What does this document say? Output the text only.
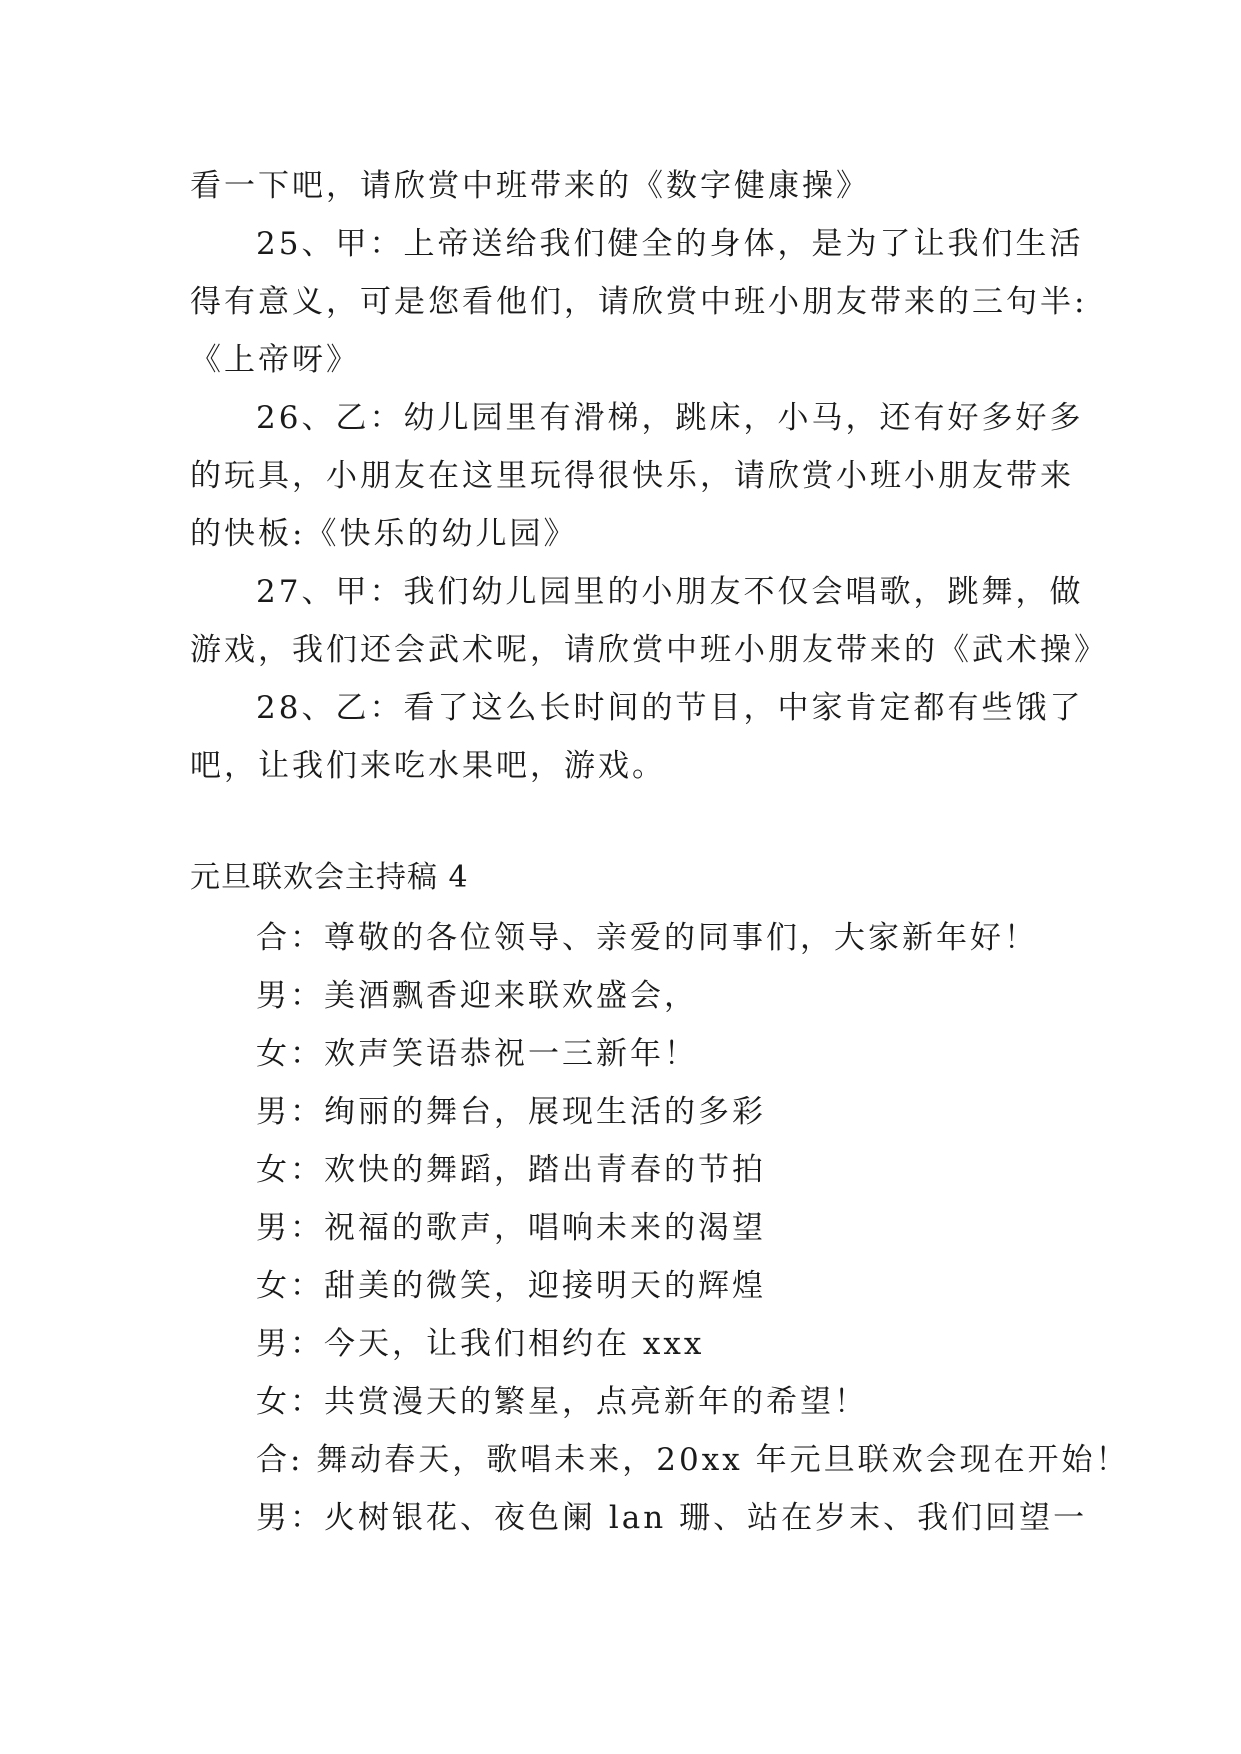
看一下吧，请欣赏中班带来的《数字健康操》
25、甲：上帝送给我们健全的身体，是为了让我们生活
得有意义，可是您看他们，请欣赏中班小朋友带来的三句半:
《上帝呀》
26、乙：幼儿园里有滑梯，跳床，小马，还有好多好多
的玩具，小朋友在这里玩得很快乐，请欣赏小班小朋友带来
的快板:《快乐的幼儿园》
27、甲：我们幼儿园里的小朋友不仅会唱歌，跳舞，做
游戏，我们还会武术呢，请欣赏中班小朋友带来的《武术操》
28、乙：看了这么长时间的节目，中家肯定都有些饿了
吧，让我们来吃水果吧，游戏。
元旦联欢会主持稿 4
合：尊敬的各位领导、亲爱的同事们，大家新年好！
男：美酒飘香迎来联欢盛会，
女：欢声笑语恭祝一三新年！
男：绚丽的舞台，展现生活的多彩
女：欢快的舞蹈，踏出青春的节拍
男：祝福的歌声，唱响未来的渴望
女：甜美的微笑，迎接明天的辉煌
男：今天，让我们相约在 xxx
女：共赏漫天的繁星，点亮新年的希望！
合: 舞动春天，歌唱未来，20xx 年元旦联欢会现在开始！
男：火树银花、夜色阑 lan 珊、站在岁末、我们回望一
